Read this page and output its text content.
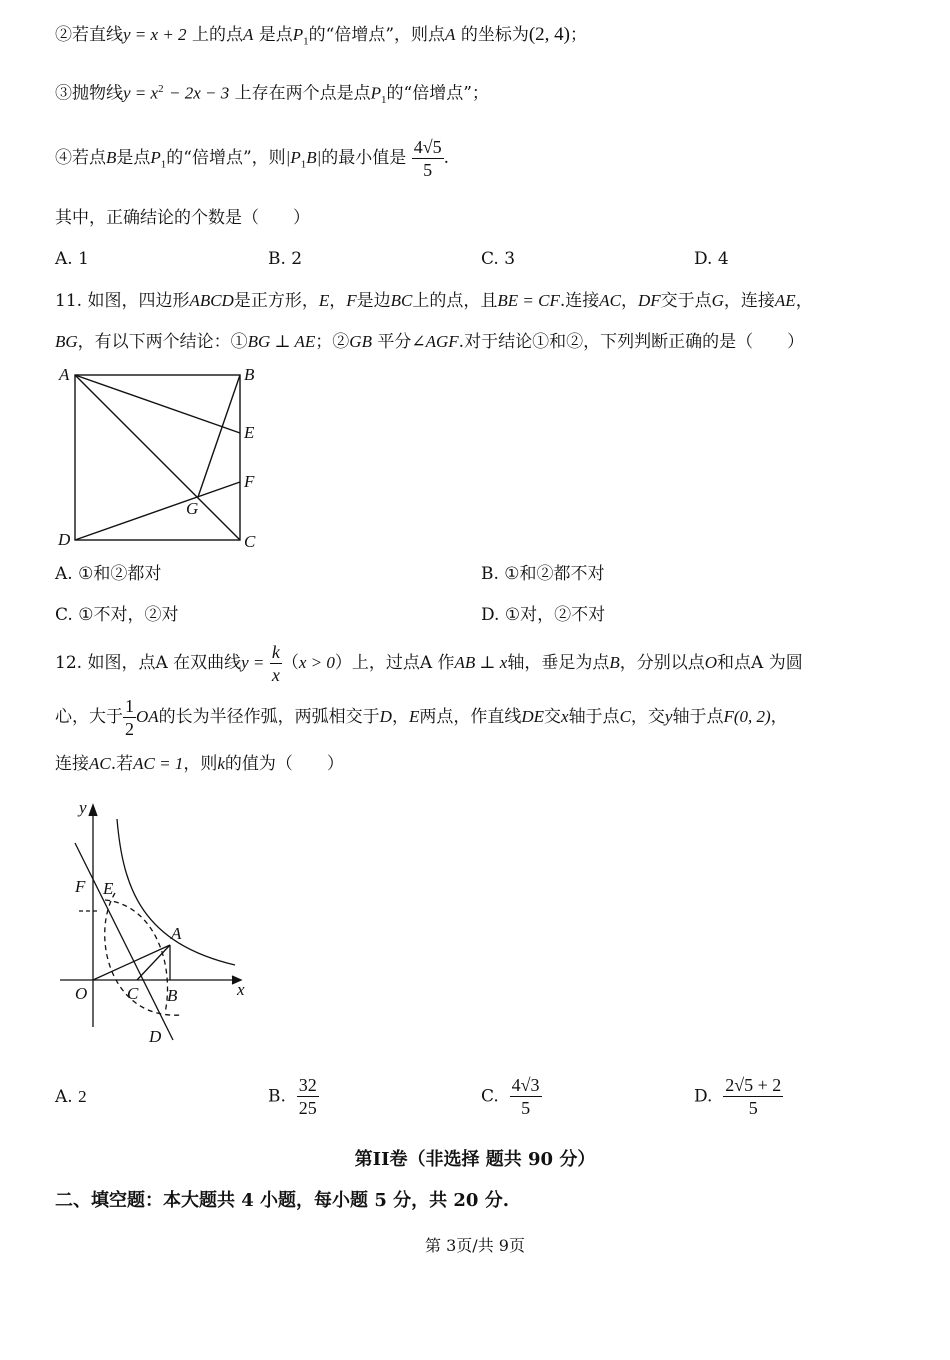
②若直线y = x + 2 上的点A 是点$P_1$的“倍增点”，则点A 的坐标为(2, 4)；
③抛物线$y = x^2 - 2x - 3$ 上存在两个点是点$P_1$的“倍增点”；
④若点B是点$P_1$的“倍增点”，则$|P_1B|$的最小值是 $\frac{4√5}{5}$ .
其中，正确结论的个数是（　　）
A. 1	B. 2	C. 3	D. 4
11. 如图，四边形ABCD是正方形，E，F是边BC上的点，且BE = CF.连接AC，DF交于点G，连接AE，
BG，有以下两个结论：①BG ⊥ AE；②GB 平分∠AGF.对于结论①和②，下列判断正确的是（　　）
A	B
E
F
G
D	C
A. ①和②都对	B. ①和②都不对
C. ①不对，②对	D. ①对，②不对
12. 如图，点A 在双曲线$y = \frac{k}{x} (x > 0)$上，过点A 作AB ⊥ x轴，垂足为点B，分别以点O和点A 为圆
心，大于 $\frac{1}{2}$ OA的长为半径作弧，两弧相交于D，E两点，作直线DE交x轴于点C，交y轴于点F(0, 2)，
连接AC.若AC = 1，则k的值为（　　）
y
F E
A
O C B	x
D
A. 2	B. $\frac{32}{25}$	C. $\frac{4√3}{5}$	D. $\frac{2√5 + 2}{5}$
第II卷（非选择 题共 90 分）
二、填空题：本大题共 4 小题，每小题 5 分，共 20 分.
第 3页/共 9页
